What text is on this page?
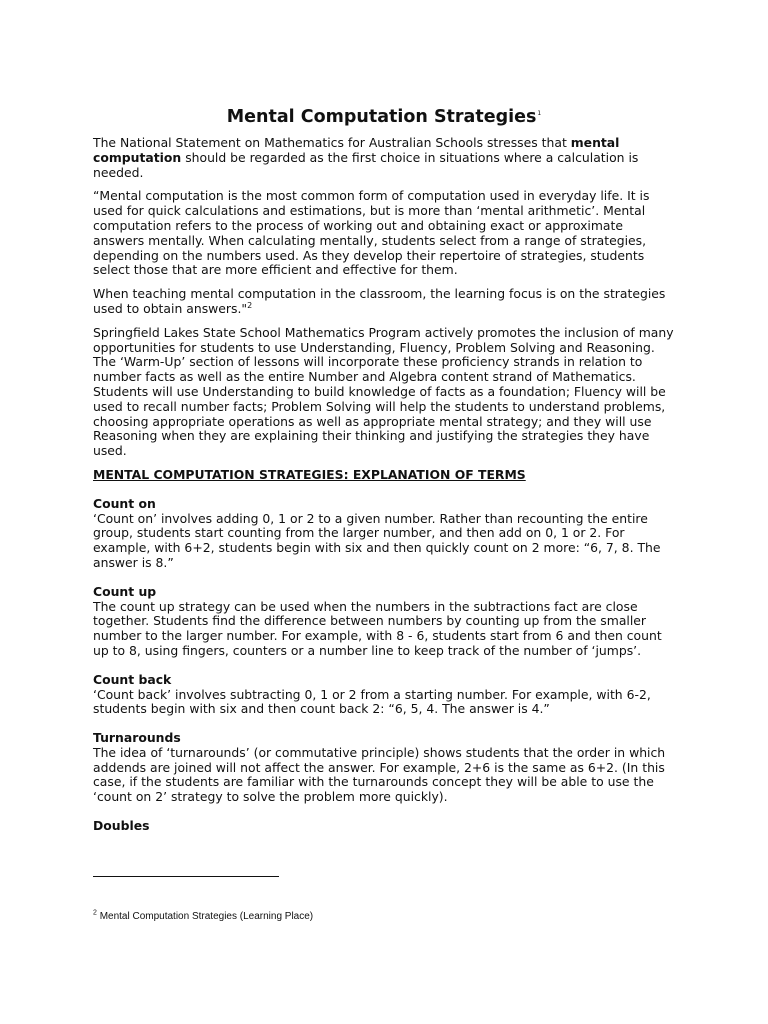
Mental Computation Strategies$^1$

The National Statement on Mathematics for Australian Schools stresses that mental computation should be regarded as the first choice in situations where a calculation is needed.

“Mental computation is the most common form of computation used in everyday life. It is used for quick calculations and estimations, but is more than ‘mental arithmetic’. Mental computation refers to the process of working out and obtaining exact or approximate answers mentally. When calculating mentally, students select from a range of strategies, depending on the numbers used. As they develop their repertoire of strategies, students select those that are more efficient and effective for them.

When teaching mental computation in the classroom, the learning focus is on the strategies used to obtain answers."$^2$

Springfield Lakes State School Mathematics Program actively promotes the inclusion of many opportunities for students to use Understanding, Fluency, Problem Solving and Reasoning. The ‘Warm-Up’ section of lessons will incorporate these proficiency strands in relation to number facts as well as the entire Number and Algebra content strand of Mathematics. Students will use Understanding to build knowledge of facts as a foundation; Fluency will be used to recall number facts; Problem Solving will help the students to understand problems, choosing appropriate operations as well as appropriate mental strategy; and they will use Reasoning when they are explaining their thinking and justifying the strategies they have used.

MENTAL COMPUTATION STRATEGIES: EXPLANATION OF TERMS

Count on
‘Count on’ involves adding 0, 1 or 2 to a given number. Rather than recounting the entire group, students start counting from the larger number, and then add on 0, 1 or 2. For example, with 6+2, students begin with six and then quickly count on 2 more: “6, 7, 8. The answer is 8.”

Count up
The count up strategy can be used when the numbers in the subtractions fact are close together. Students find the difference between numbers by counting up from the smaller number to the larger number. For example, with 8 - 6, students start from 6 and then count up to 8, using fingers, counters or a number line to keep track of the number of ‘jumps’.

Count back
‘Count back’ involves subtracting 0, 1 or 2 from a starting number. For example, with 6-2, students begin with six and then count back 2: “6, 5, 4. The answer is 4.”

Turnarounds
The idea of ‘turnarounds’ (or commutative principle) shows students that the order in which addends are joined will not affect the answer. For example, 2+6 is the same as 6+2. (In this case, if the students are familiar with the turnarounds concept they will be able to use the ‘count on 2’ strategy to solve the problem more quickly).

Doubles

$^2$ Mental Computation Strategies (Learning Place)
